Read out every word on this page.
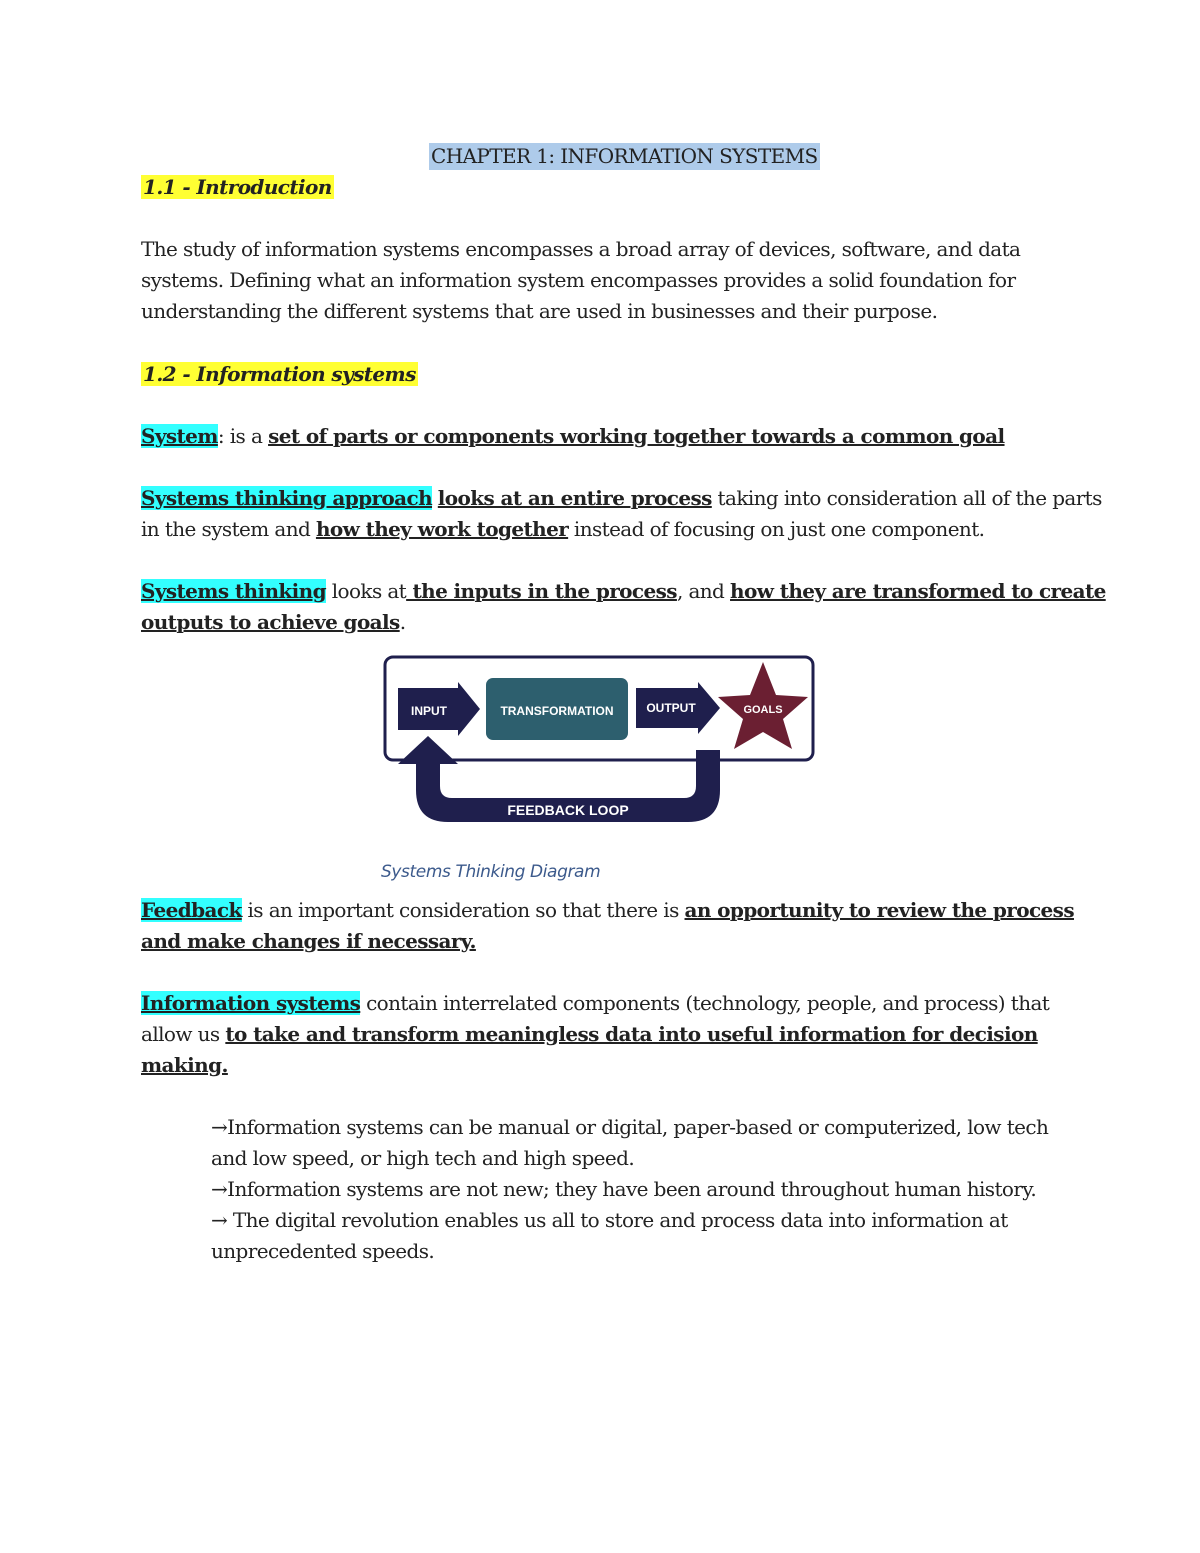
CHAPTER 1: INFORMATION SYSTEMS
1.1 - Introduction
The study of information systems encompasses a broad array of devices, software, and data
systems. Defining what an information system encompasses provides a solid foundation for
understanding the different systems that are used in businesses and their purpose.
1.2 - Information systems
System: is a set of parts or components working together towards a common goal
Systems thinking approach looks at an entire process taking into consideration all of the parts
in the system and how they work together instead of focusing on just one component.
Systems thinking looks at the inputs in the process, and how they are transformed to create
outputs to achieve goals.
INPUT	TRANSFORMATION	OUTPUT	GOALS
FEEDBACK LOOP
Systems Thinking Diagram
Feedback is an important consideration so that there is an opportunity to review the process
and make changes if necessary.
Information systems contain interrelated components (technology, people, and process) that
allow us to take and transform meaningless data into useful information for decision
making.
→Information systems can be manual or digital, paper-based or computerized, low tech
and low speed, or high tech and high speed.
→Information systems are not new; they have been around throughout human history.
→ The digital revolution enables us all to store and process data into information at
unprecedented speeds.
